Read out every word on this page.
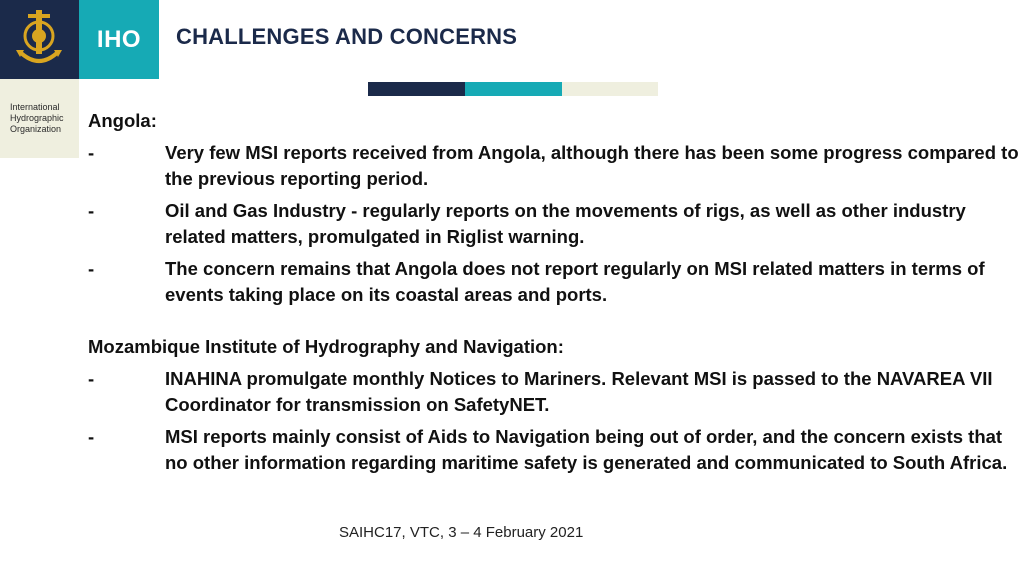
IHO
International
Hydrographic
Organization
CHALLENGES AND CONCERNS
Angola:
-	Very few MSI reports received from Angola, although there has been some progress compared to the previous reporting period.
-	Oil and Gas Industry - regularly reports on the movements of rigs, as well as other industry related matters, promulgated in Riglist warning.
-	The concern remains that Angola does not report regularly on MSI related matters in terms of events taking place on its coastal areas and ports.
Mozambique Institute of Hydrography and Navigation:
-	INAHINA promulgate monthly Notices to Mariners. Relevant MSI is passed to the NAVAREA VII Coordinator for transmission on SafetyNET.
-	MSI reports mainly consist of Aids to Navigation being out of order, and the concern exists that no other information regarding maritime safety is generated and communicated to South Africa.
SAIHC17, VTC, 3 – 4 February 2021
